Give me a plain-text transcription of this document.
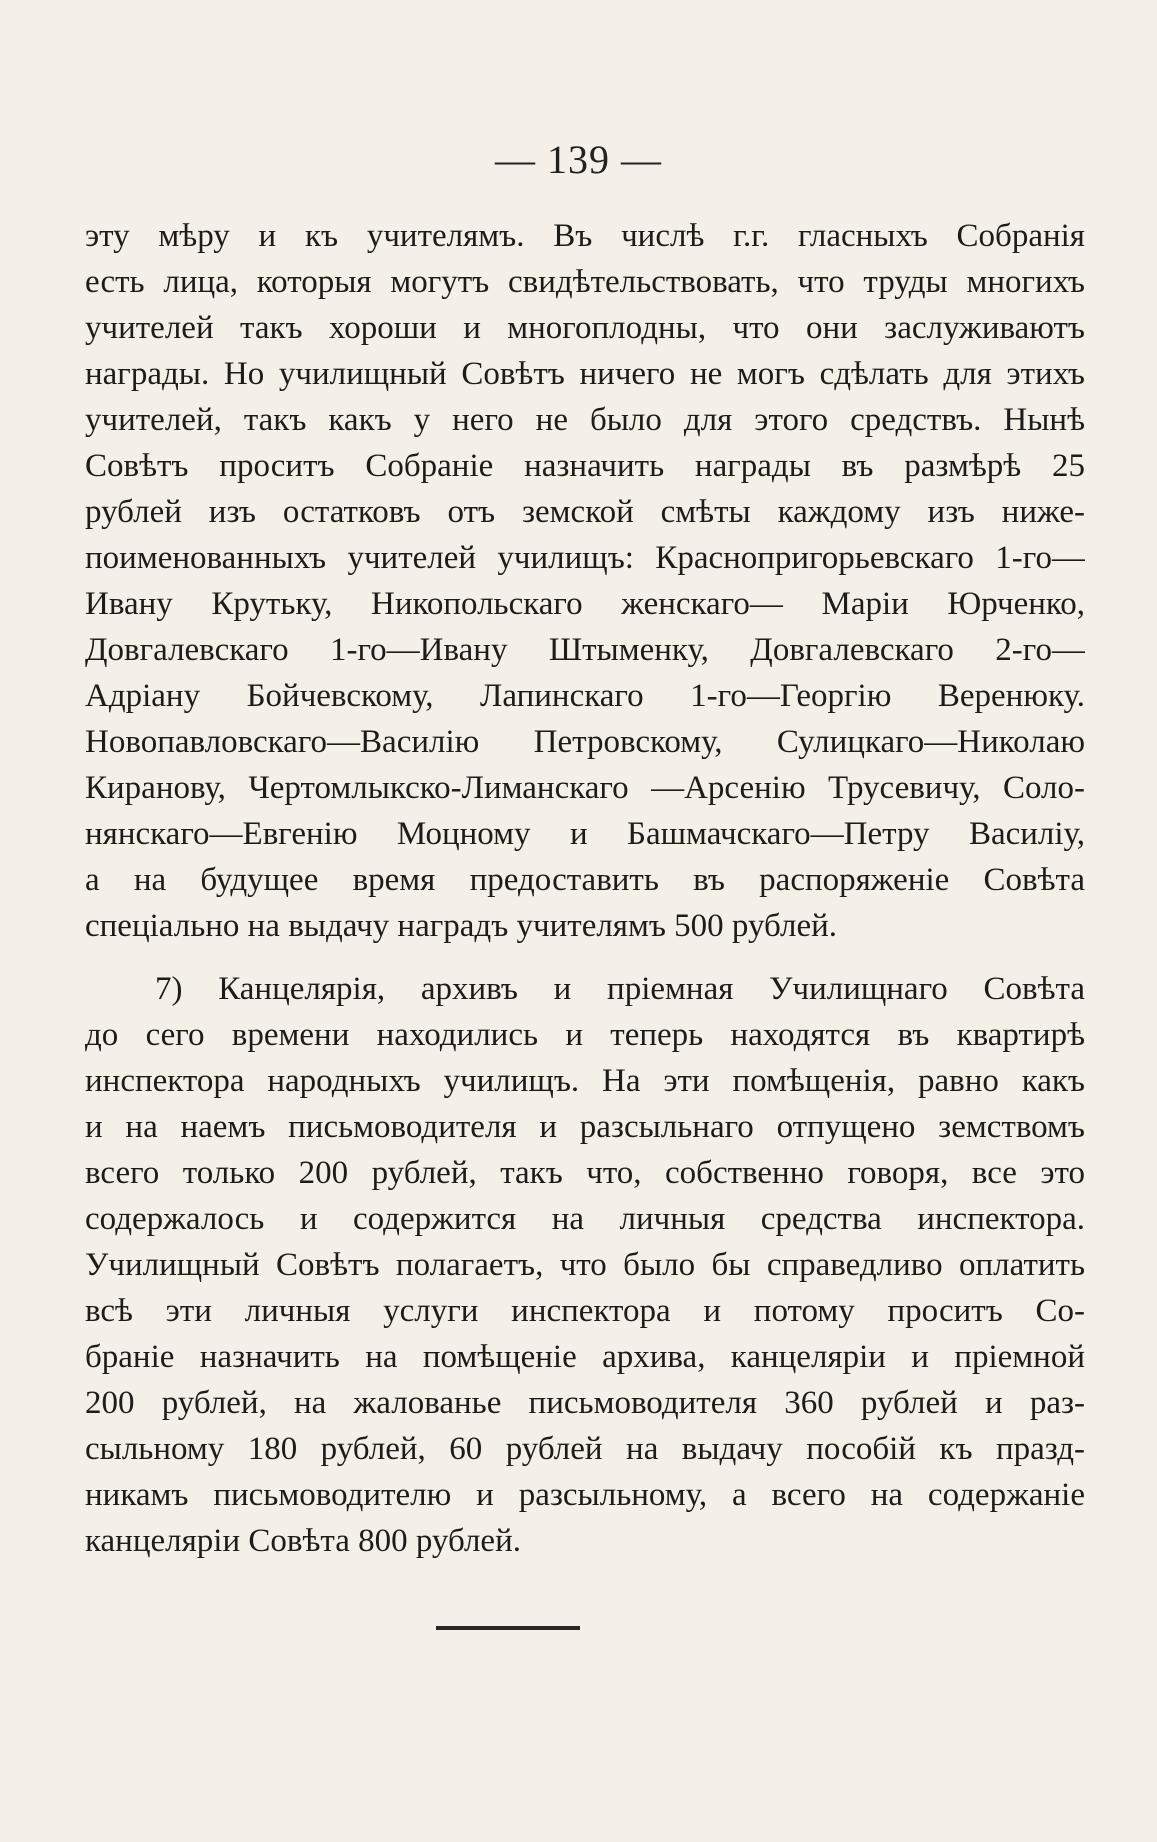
— 139 —
эту мѣру и къ учителямъ. Въ числѣ г.г. гласныхъ Собранія
есть лица, которыя могутъ свидѣтельствовать, что труды многихъ
учителей такъ хороши и многоплодны, что они заслуживаютъ
награды. Но училищный Совѣтъ ничего не могъ сдѣлать для этихъ
учителей, такъ какъ у него не было для этого средствъ. Нынѣ
Совѣтъ проситъ Собраніе назначить награды въ размѣрѣ 25
рублей изъ остатковъ отъ земской смѣты каждому изъ ниже-
поименованныхъ учителей училищъ: Краснопригорьевскаго 1-го—
Ивану Крутьку, Никопольскаго женскаго— Маріи Юрченко,
Довгалевскаго 1-го—Ивану Штыменку, Довгалевскаго 2-го—
Адріану Бойчевскому, Лапинскаго 1-го—Георгію Веренюку.
Новопавловскаго—Василію Петровскому, Сулицкаго—Николаю
Киранову, Чертомлыкско-Лиманскаго —Арсенію Трусевичу, Соло-
нянскаго—Евгенію Моцному и Башмачскаго—Петру Василіу,
а на будущее время предоставить въ распоряженіе Совѣта
спеціально на выдачу наградъ учителямъ 500 рублей.
7) Канцелярія, архивъ и пріемная Училищнаго Совѣта
до сего времени находились и теперь находятся въ квартирѣ
инспектора народныхъ училищъ. На эти помѣщенія, равно какъ
и на наемъ письмоводителя и разсыльнаго отпущено земствомъ
всего только 200 рублей, такъ что, собственно говоря, все это
содержалось и содержится на личныя средства инспектора.
Училищный Совѣтъ полагаетъ, что было бы справедливо оплатить
всѣ эти личныя услуги инспектора и потому проситъ Со-
браніе назначить на помѣщеніе архива, канцеляріи и пріемной
200 рублей, на жалованье письмоводителя 360 рублей и раз-
сыльному 180 рублей, 60 рублей на выдачу пособій къ празд-
никамъ письмоводителю и разсыльному, а всего на содержаніе
канцеляріи Совѣта 800 рублей.
